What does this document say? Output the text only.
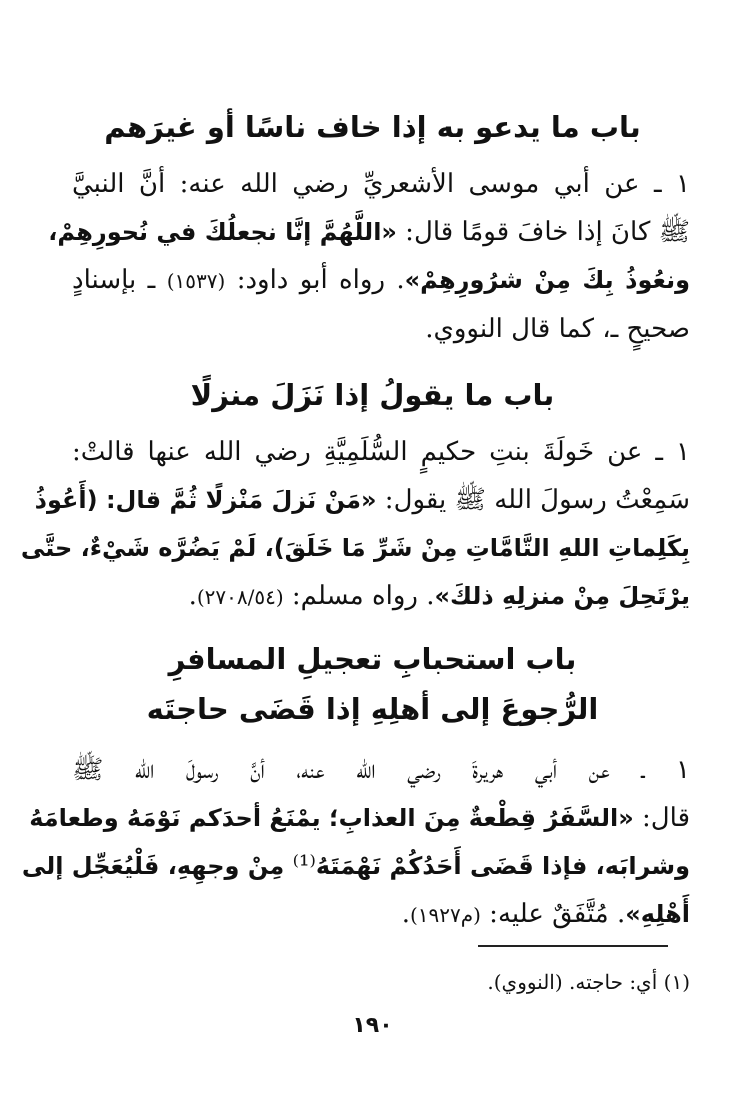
باب ما يدعو به إذا خاف ناسًا أو غيرَهم
١ ـ عن أبي موسى الأشعريِّ رضي الله عنه: أنَّ النبيَّ
ﷺ كانَ إذا خافَ قومًا قال: «اللَّهُمَّ إنَّا نجعلُكَ في نُحورِهِمْ،
ونعُوذُ بِكَ مِنْ شرُورِهِمْ». رواه أبو داود: (١٥٣٧) ـ بإسنادٍ
صحيحٍ ـ، كما قال النووي.
باب ما يقولُ إذا نَزَلَ منزلًا
١ ـ عن خَولَةَ بنتِ حكيمٍ السُّلَمِيَّةِ رضي الله عنها قالتْ:
سَمِعْتُ رسولَ الله ﷺ يقول: «مَنْ نَزلَ مَنْزلًا ثُمَّ قال: (أَعُوذُ
بِكَلِماتِ اللهِ التَّامَّاتِ مِنْ شَرِّ مَا خَلَقَ)، لَمْ يَضُرَّه شَيْءٌ، حتَّى
يرْتَحِلَ مِنْ منزلِهِ ذلكَ». رواه مسلم: (٢٧٠٨/٥٤).
باب استحبابِ تعجيلِ المسافرِ
الرُّجوعَ إلى أهلِهِ إذا قَضَى حاجتَه
١ ـ عن أبي هريرةَ رضي الله عنه، أنَّ رسولَ الله ﷺ
قال: «السَّفَرُ قِطْعةٌ مِنَ العذابِ؛ يمْنَعُ أحدَكم نَوْمَهُ وطعامَهُ
وشرابَه، فإذا قَضَى أَحَدُكُمْ نَهْمَتَهُ⁽¹⁾ مِنْ وجهِهِ، فَلْيُعَجِّل إلى
أَهْلِهِ». مُتَّفَقٌ عليه: (م١٩٢٧).
(١) أي: حاجته. (النووي).
١٩٠
